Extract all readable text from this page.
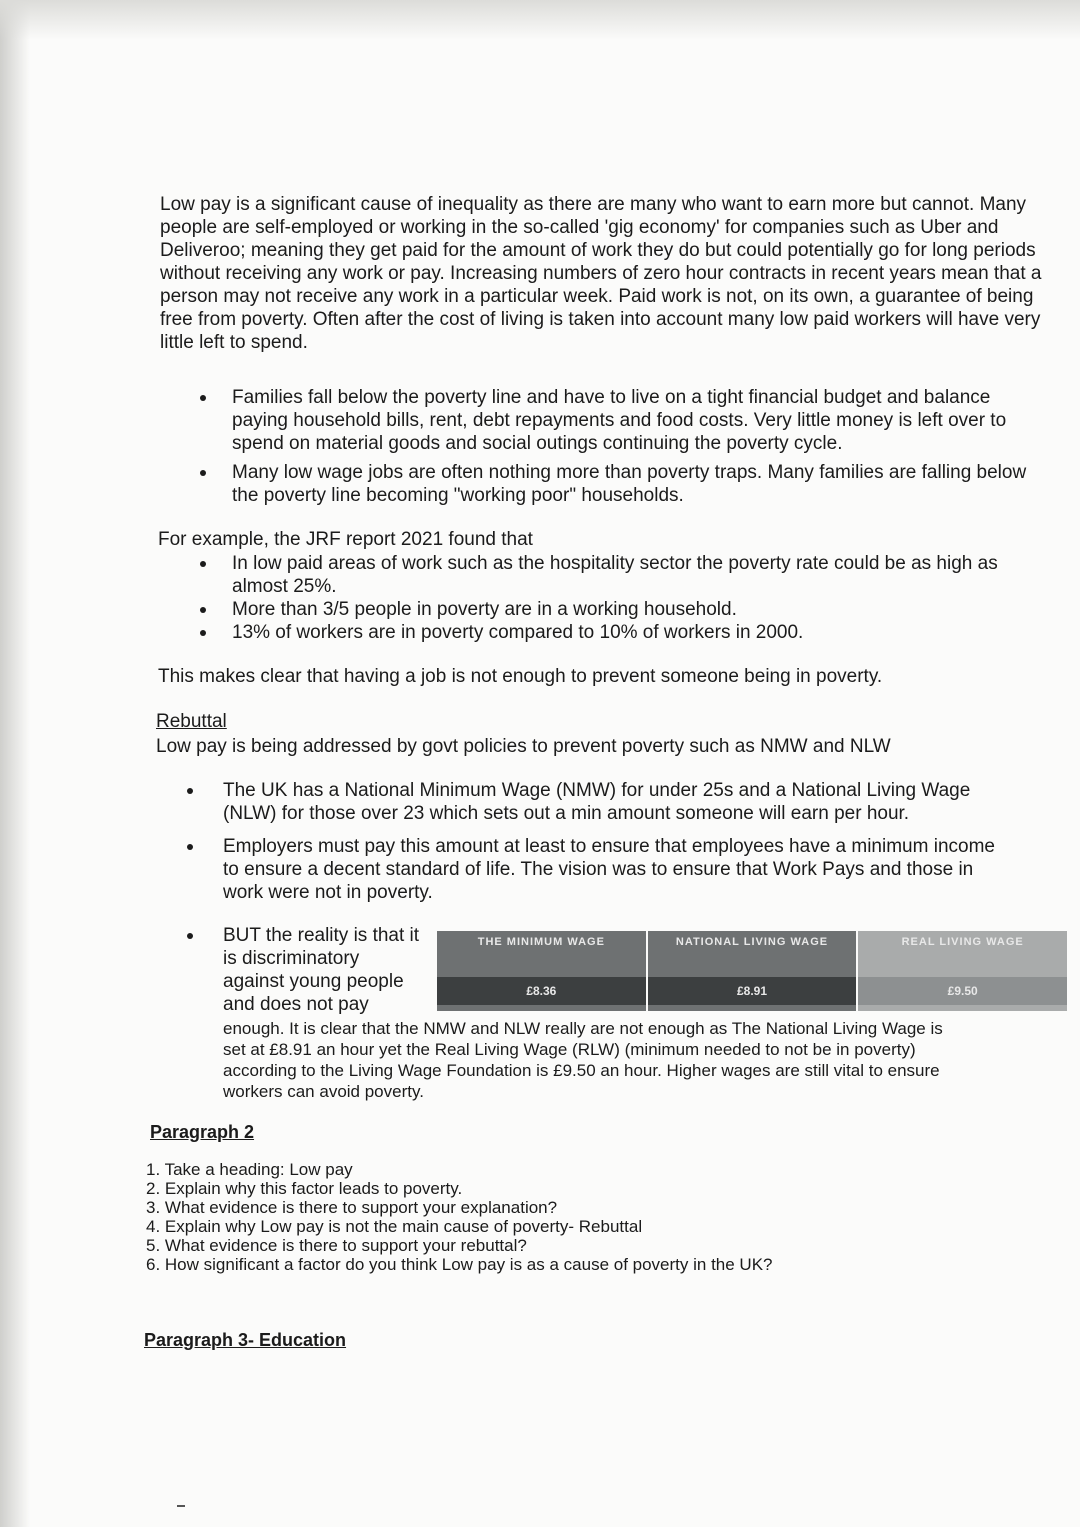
Low pay is a significant cause of inequality as there are many who want to earn more but cannot. Many people are self-employed or working in the so-called 'gig economy' for companies such as Uber and Deliveroo; meaning they get paid for the amount of work they do but could potentially go for long periods without receiving any work or pay. Increasing numbers of zero hour contracts in recent years mean that a person may not receive any work in a particular week. Paid work is not, on its own, a guarantee of being free from poverty. Often after the cost of living is taken into account many low paid workers will have very little left to spend.
Families fall below the poverty line and have to live on a tight financial budget and balance paying household bills, rent, debt repayments and food costs. Very little money is left over to spend on material goods and social outings continuing the poverty cycle.
Many low wage jobs are often nothing more than poverty traps. Many families are falling below the poverty line becoming "working poor" households.
For example, the JRF report 2021 found that
In low paid areas of work such as the hospitality sector the poverty rate could be as high as almost 25%.
More than 3/5 people in poverty are in a working household.
13% of workers are in poverty compared to 10% of workers in 2000.
This makes clear that having a job is not enough to prevent someone being in poverty.
Rebuttal
Low pay is being addressed by govt policies to prevent poverty such as NMW and NLW
The UK has a National Minimum Wage (NMW) for under 25s and a National Living Wage (NLW) for those over 23 which sets out a min amount someone will earn per hour.
Employers must pay this amount at least to ensure that employees have a minimum income to ensure a decent standard of life. The vision was to ensure that Work Pays and those in work were not in poverty.
BUT the reality is that it is discriminatory against young people and does not pay
THE MINIMUM WAGE
£8.36
NATIONAL LIVING WAGE
£8.91
REAL LIVING WAGE
£9.50
enough. It is clear that the NMW and NLW really are not enough as The National Living Wage is set at £8.91 an hour yet the Real Living Wage (RLW) (minimum needed to not be in poverty) according to the Living Wage Foundation is £9.50 an hour. Higher wages are still vital to ensure workers can avoid poverty.
Paragraph 2
1. Take a heading: Low pay
2. Explain why this factor leads to poverty.
3. What evidence is there to support your explanation?
4. Explain why Low pay is not the main cause of poverty- Rebuttal
5. What evidence is there to support your rebuttal?
6. How significant a factor do you think Low pay is as a cause of poverty in the UK?
Paragraph 3- Education
